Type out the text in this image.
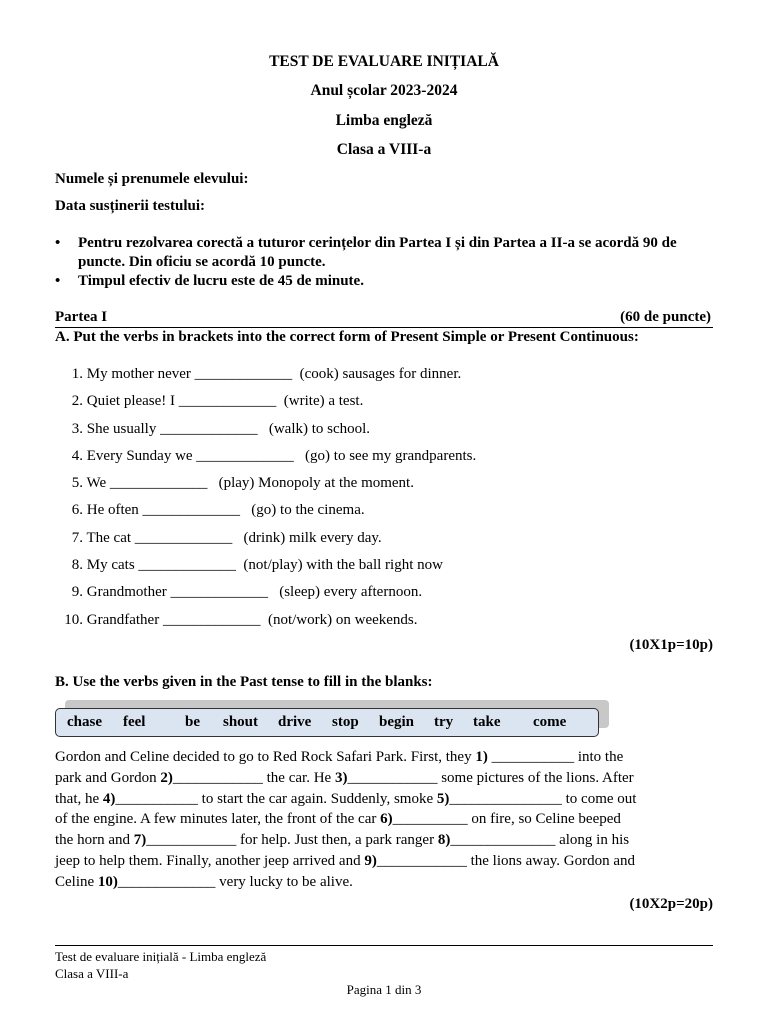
TEST DE EVALUARE INIȚIALĂ
Anul școlar 2023-2024
Limba engleză
Clasa a VIII-a
Numele și prenumele elevului:
Data susținerii testului:
• Pentru rezolvarea corectă a tuturor cerințelor din Partea I și din Partea a II-a se acordă 90 de puncte. Din oficiu se acordă 10 puncte.
• Timpul efectiv de lucru este de 45 de minute.
Partea I	(60 de puncte)
A. Put the verbs in brackets into the correct form of Present Simple or Present Continuous:
1. My mother never _____________  (cook) sausages for dinner.
2. Quiet please! I _____________  (write) a test.
3. She usually _____________   (walk) to school.
4. Every Sunday we _____________   (go) to see my grandparents.
5. We _____________   (play) Monopoly at the moment.
6. He often _____________   (go) to the cinema.
7. The cat _____________   (drink) milk every day.
8. My cats _____________  (not/play) with the ball right now
9. Grandmother _____________   (sleep) every afternoon.
10. Grandfather _____________  (not/work) on weekends.
(10X1p=10p)
B. Use the verbs given in the Past tense to fill in the blanks:
chase feel	be shout drive stop begin try take come
Gordon and Celine decided to go to Red Rock Safari Park. First, they 1) ___________ into the
park and Gordon 2)____________ the car. He 3)____________ some pictures of the lions. After
that, he 4)___________ to start the car again. Suddenly, smoke 5)_______________ to come out
of the engine. A few minutes later, the front of the car 6)__________ on fire, so Celine beeped
the horn and 7)____________ for help. Just then, a park ranger 8)______________ along in his
jeep to help them. Finally, another jeep arrived and 9)____________ the lions away. Gordon and
Celine 10)_____________ very lucky to be alive.
(10X2p=20p)
Test de evaluare inițială - Limba engleză
Clasa a VIII-a
Pagina 1 din 3
